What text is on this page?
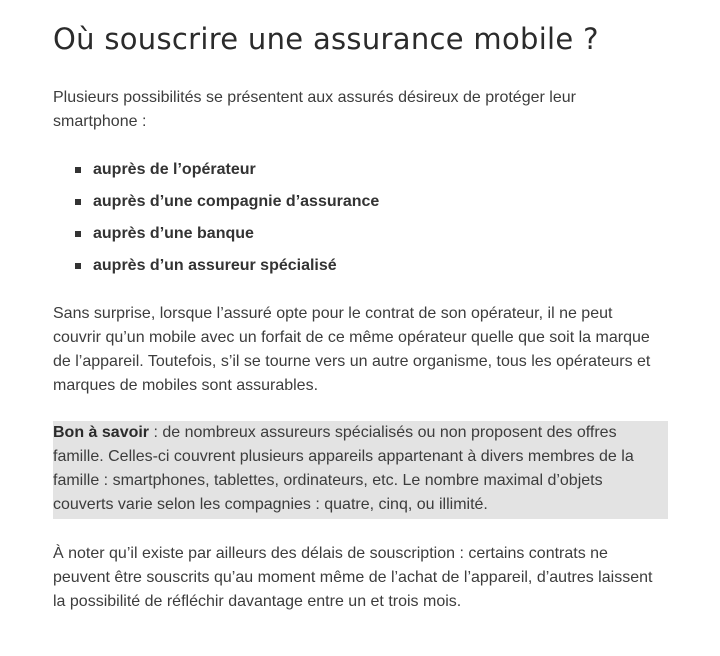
Où souscrire une assurance mobile ?

Plusieurs possibilités se présentent aux assurés désireux de protéger leur smartphone :

auprès de l’opérateur
auprès d’une compagnie d’assurance
auprès d’une banque
auprès d’un assureur spécialisé

Sans surprise, lorsque l’assuré opte pour le contrat de son opérateur, il ne peut couvrir qu’un mobile avec un forfait de ce même opérateur quelle que soit la marque de l’appareil. Toutefois, s’il se tourne vers un autre organisme, tous les opérateurs et marques de mobiles sont assurables.

Bon à savoir : de nombreux assureurs spécialisés ou non proposent des offres famille. Celles-ci couvrent plusieurs appareils appartenant à divers membres de la famille : smartphones, tablettes, ordinateurs, etc. Le nombre maximal d’objets couverts varie selon les compagnies : quatre, cinq, ou illimité.

À noter qu’il existe par ailleurs des délais de souscription : certains contrats ne peuvent être souscrits qu’au moment même de l’achat de l’appareil, d’autres laissent la possibilité de réfléchir davantage entre un et trois mois.
